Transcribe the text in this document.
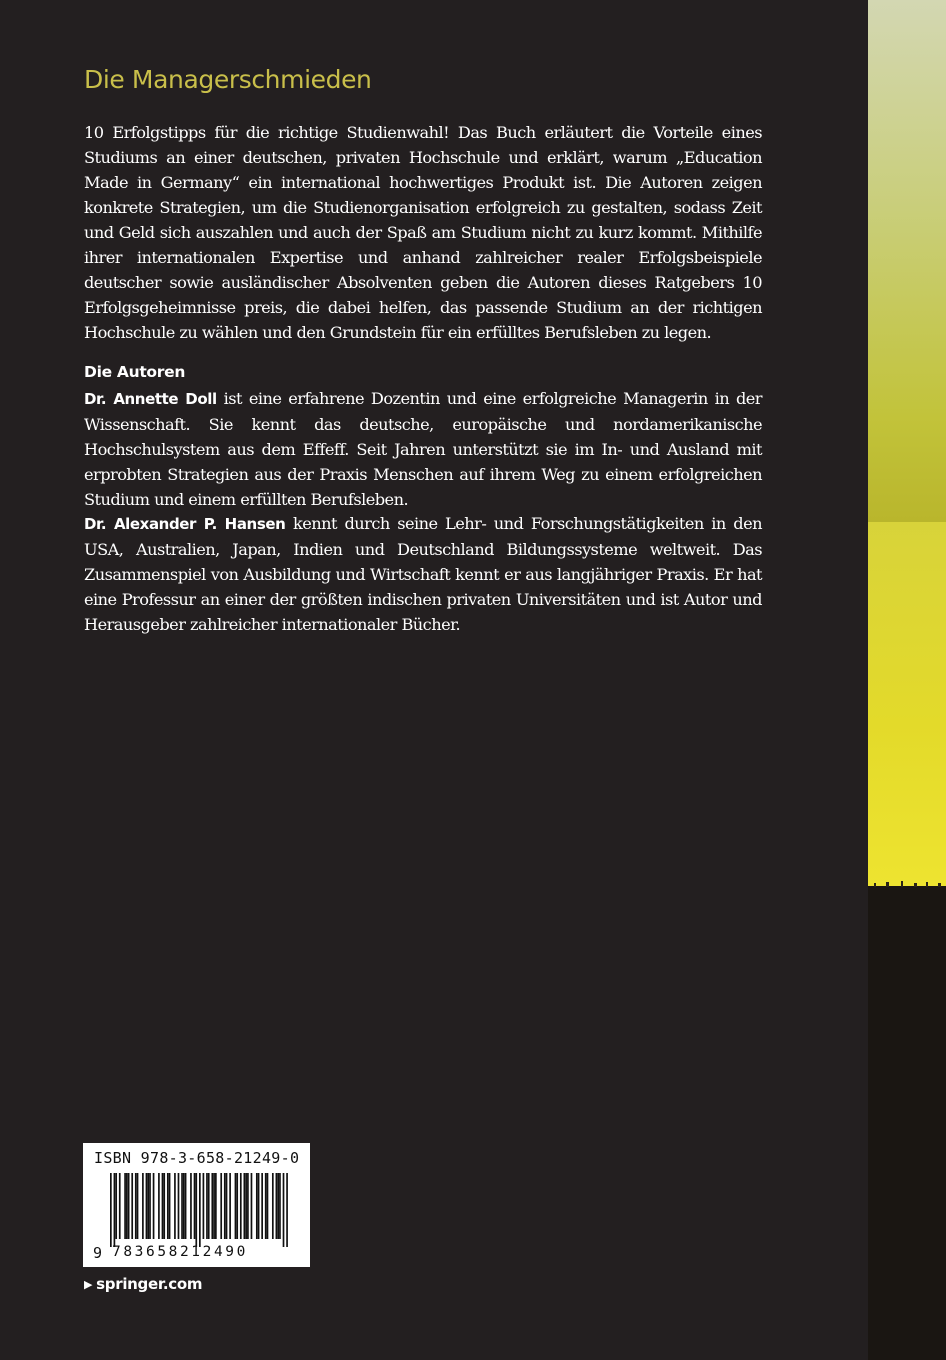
Die Managerschmieden

10 Erfolgstipps für die richtige Studienwahl! Das Buch erläutert die Vorteile eines Studiums an einer deutschen, privaten Hochschule und erklärt, warum „Education Made in Germany“ ein international hochwertiges Produkt ist. Die Autoren zeigen konkrete Strategien, um die Studienorganisation erfolgreich zu gestalten, sodass Zeit und Geld sich auszahlen und auch der Spaß am Studium nicht zu kurz kommt. Mithilfe ihrer internationalen Expertise und anhand zahlreicher realer Erfolgsbeispiele deutscher sowie ausländischer Absolventen geben die Autoren dieses Ratgebers 10 Erfolgsgeheimnisse preis, die dabei helfen, das passende Studium an der richtigen Hochschule zu wählen und den Grundstein für ein erfülltes Berufsleben zu legen.

Die Autoren

Dr. Annette Doll ist eine erfahrene Dozentin und eine erfolgreiche Managerin in der Wissenschaft. Sie kennt das deutsche, europäische und nordamerikanische Hochschulsystem aus dem Effeff. Seit Jahren unterstützt sie im In- und Ausland mit erprobten Strategien aus der Praxis Menschen auf ihrem Weg zu einem erfolgreichen Studium und einem erfüllten Berufsleben.

Dr. Alexander P. Hansen kennt durch seine Lehr- und Forschungstätigkeiten in den USA, Australien, Japan, Indien und Deutschland Bildungssysteme weltweit. Das Zusammenspiel von Ausbildung und Wirtschaft kennt er aus langjähriger Praxis. Er hat eine Professur an einer der größten indischen privaten Universitäten und ist Autor und Herausgeber zahlreicher internationaler Bücher.

ISBN 978-3-658-21249-0
9 783658212490
▶ springer.com
